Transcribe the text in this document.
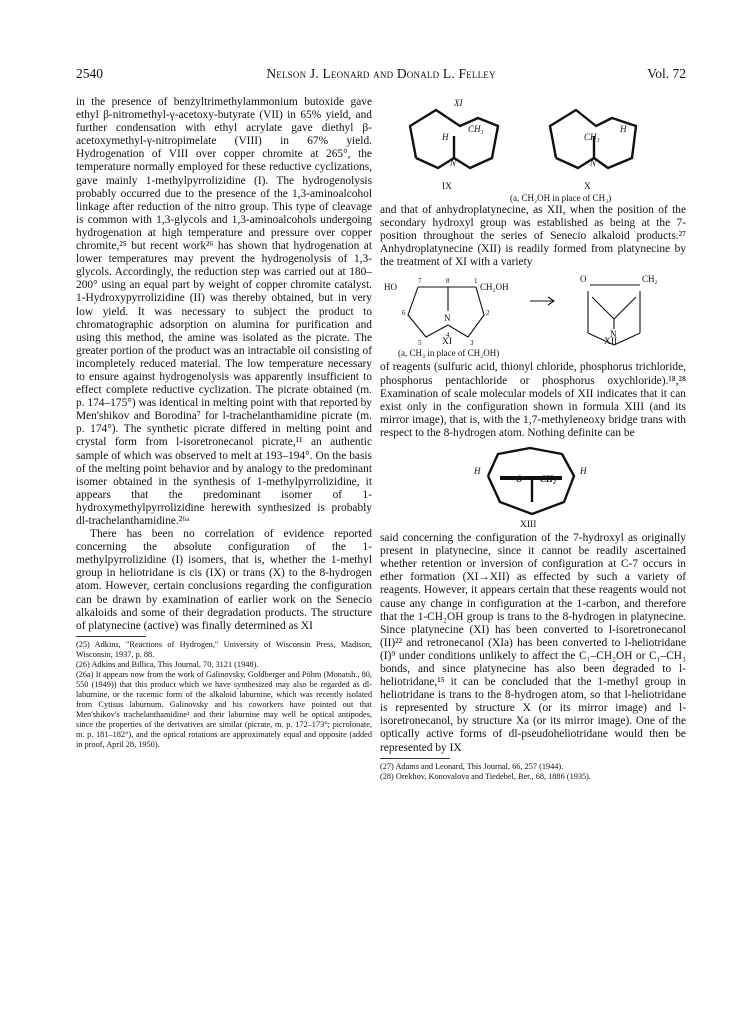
2540	Nelson J. Leonard and Donald L. Felley	Vol. 72

in the presence of benzyltrimethylammonium butoxide gave ethyl β-nitromethyl-γ-acetoxy-butyrate (VII) in 65% yield, and further condensation with ethyl acrylate gave diethyl β-acetoxymethyl-γ-nitropimelate (VIII) in 67% yield. Hydrogenation of VIII over copper chromite at 265°, the temperature normally employed for these reductive cyclizations, gave mainly 1-methylpyrrolizidine (I). The hydrogenolysis probably occurred due to the presence of the 1,3-aminoalcohol linkage after reduction of the nitro group. This type of cleavage is common with 1,3-glycols and 1,3-aminoalcohols undergoing hydrogenation at high temperature and pressure over copper chromite,²⁵ but recent work²⁶ has shown that hydrogenation at lower temperatures may prevent the hydrogenolysis of 1,3-glycols. Accordingly, the reduction step was carried out at 180–200° using an equal part by weight of copper chromite catalyst. 1-Hydroxypyrrolizidine (II) was thereby obtained, but in very low yield. It was necessary to subject the product to chromatographic adsorption on alumina for purification and using this method, the amine was isolated as the picrate. The greater portion of the product was an intractable oil consisting of incompletely reduced material. The low temperature necessary to ensure against hydrogenolysis was apparently insufficient to effect complete reductive cyclization. The picrate obtained (m. p. 174–175°) was identical in melting point with that reported by Men'shikov and Borodina⁷ for l-trachelanthamidine picrate (m. p. 174°). The synthetic picrate differed in melting point and crystal form from l-isoretronecanol picrate,¹¹ an authentic sample of which was observed to melt at 193–194°. On the basis of the melting point behavior and by analogy to the predominant isomer obtained in the synthesis of 1-methylpyrrolizidine, it appears that the predominant isomer of 1-hydroxymethylpyrrolizidine herewith synthesized is probably dl-trachelanthamidine.²⁶ᵃ

There has been no correlation of evidence reported concerning the absolute configuration of the 1-methylpyrrolizidine (I) isomers, that is, whether the 1-methyl group in heliotridane is cis (IX) or trans (X) to the 8-hydrogen atom. However, certain conclusions regarding the configuration can be drawn by examination of earlier work on the Senecio alkaloids and some of their degradation products. The structure of platynecine (active) was finally determined as XI

(25) Adkins, "Reactions of Hydrogen," University of Wisconsin Press, Madison, Wisconsin, 1937, p. 88.

(26) Adkins and Billica, This Journal, 70, 3121 (1948).

(26a) It appears now from the work of Galinovsky, Goldberger and Pöhm (Monatsh., 80, 550 (1949)) that this product which we have synthesized may also be regarded as dl-laburnine, or the racemic form of the alkaloid laburnine, which was recently isolated from Cytisus laburnum. Galinovsky and his coworkers have pointed out that Men'shikov's trachelanthamidine¹ and their laburnine may well be optical antipodes, since the properties of the derivatives are similar (picrate, m. p. 172–173°; picrolonate, m. p. 181–182°), and the optical rotations are approximately equal and opposite (added in proof, April 28, 1950).

XI
H
CH₃
N
CH₃
H
N
IX	X
(a, CH₂OH in place of CH₃)

and that of anhydroplatynecine, as XII, when the position of the secondary hydroxyl group was established as being at the 7-position throughout the series of Senecio alkaloid products.²⁷ Anhydroplatynecine (XII) is readily formed from platynecine by the treatment of XI with a variety

HO
7	8	1
CH₂OH
N
6
5
4
3
2
O	CH₂
N
XI	XII
(a, CH₃ in place of CH₂OH)

of reagents (sulfuric acid, thionyl chloride, phosphorus trichloride, phosphorus pentachloride or phosphorus oxychloride).¹⁸,²⁸ Examination of scale molecular models of XII indicates that it can exist only in the configuration shown in formula XIII (and its mirror image), that is, with the 1,7-methyleneoxy bridge trans with respect to the 8-hydrogen atom. Nothing definite can be

H
O CH₂
H
XIII

said concerning the configuration of the 7-hydroxyl as originally present in platynecine, since it cannot be readily ascertained whether retention or inversion of configuration at C-7 occurs in ether formation (XI→XII) as effected by such a variety of reagents. However, it appears certain that these reagents would not cause any change in configuration at the 1-carbon, and therefore that the 1-CH₂OH group is trans to the 8-hydrogen in platynecine. Since platynecine (XI) has been converted to l-isoretronecanol (II)²² and retronecanol (XIa) has been converted to l-heliotridane (I)⁹ under conditions unlikely to affect the C₁–CH₂OH or C₁–CH₃ bonds, and since platynecine has also been degraded to l-heliotridane,¹⁵ it can be concluded that the 1-methyl group in heliotridane is trans to the 8-hydrogen atom, so that l-heliotridane is represented by structure X (or its mirror image) and l-isoretronecanol, by structure Xa (or its mirror image). One of the optically active forms of dl-pseudoheliotridane would then be represented by IX

(27) Adams and Leonard, This Journal, 66, 257 (1944).

(28) Orekhov, Konovalova and Tiedebel, Ber., 68, 1886 (1935).
